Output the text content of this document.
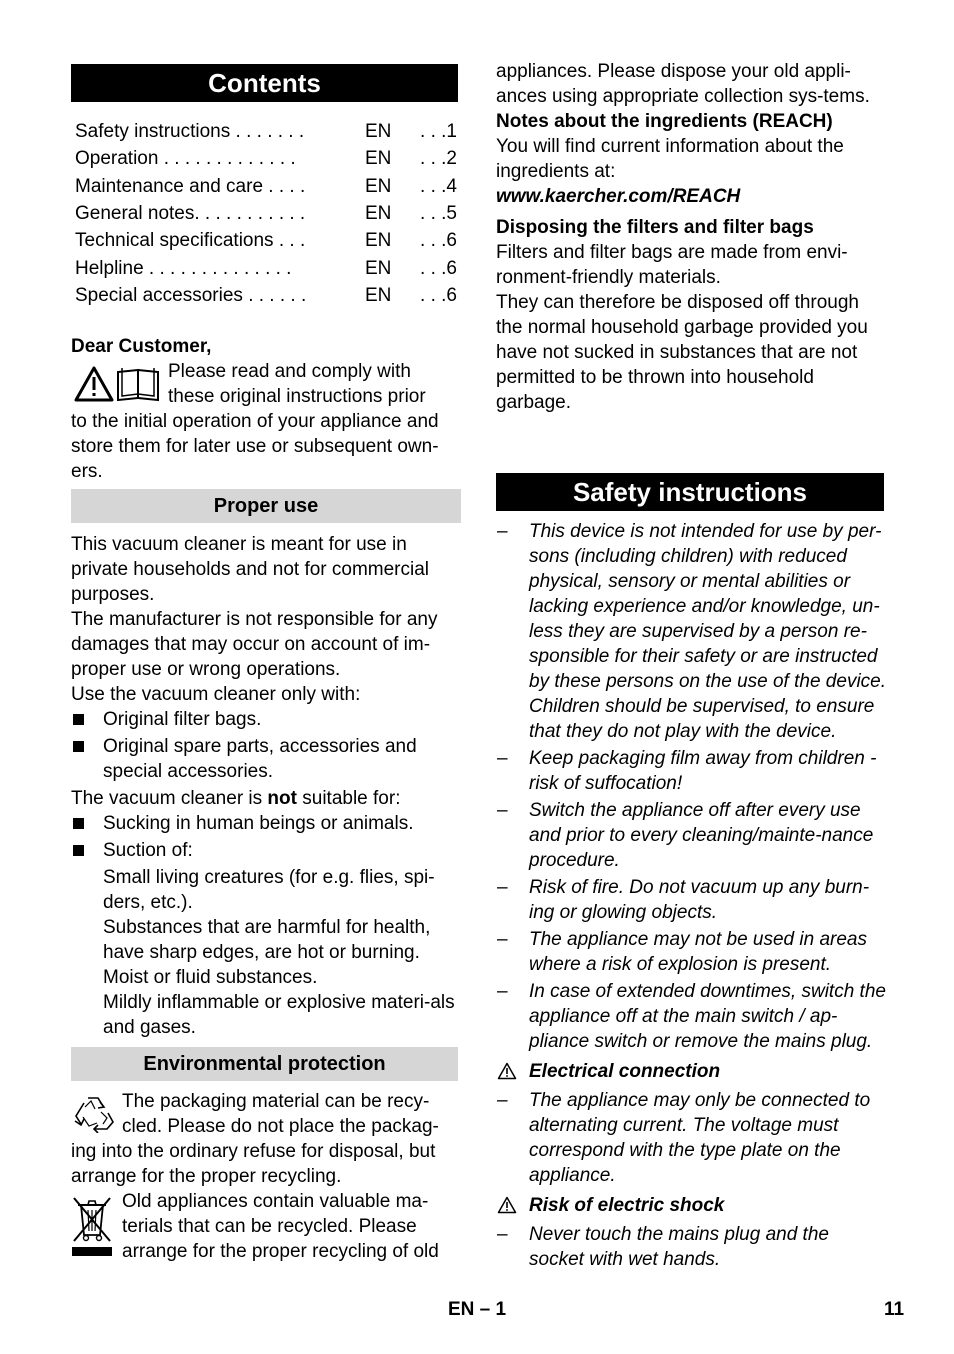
Contents
Safety instructions . . . . . . .	EN	. . .1
Operation . . . . . . . . . . . . .	EN	. . .2
Maintenance and care . . . .	EN	. . .4
General notes. . . . . . . . . . .	EN	. . .5
Technical specifications . . .	EN	. . .6
Helpline . . . . . . . . . . . . . .	EN	. . .6
Special accessories . . . . . .	EN	. . .6
Dear Customer,
Please read and comply with
these original instructions prior
to the initial operation of your appliance and store them for later use or subsequent own-ers.
Proper use

This vacuum cleaner is meant for use in private households and not for commercial purposes.

The manufacturer is not responsible for any damages that may occur on account of im-proper use or wrong operations.

Use the vacuum cleaner only with:

Original filter bags.
Original spare parts, accessories and special accessories.

The vacuum cleaner is not suitable for:

Sucking in human beings or animals.
Suction of:
Small living creatures (for e.g. flies, spi-ders, etc.).
Substances that are harmful for health, have sharp edges, are hot or burning.
Moist or fluid substances.
Mildly inflammable or explosive materi-als and gases.
Environmental protection
The packaging material can be recy-
cled. Please do not place the packag-
ing into the ordinary refuse for disposal, but arrange for the proper recycling.
Old appliances contain valuable ma-
terials that can be recycled. Please
arrange for the proper recycling of old

appliances. Please dispose your old appli-ances using appropriate collection sys-tems.

Notes about the ingredients (REACH)

You will find current information about the ingredients at:

www.kaercher.com/REACH

Disposing the filters and filter bags

Filters and filter bags are made from envi-ronment-friendly materials.

They can therefore be disposed off through the normal household garbage provided you have not sucked in substances that are not permitted to be thrown into household garbage.

Safety instructions
– This device is not intended for use by per-sons (including children) with reduced physical, sensory or mental abilities or lacking experience and/or knowledge, un-less they are supervised by a person re-sponsible for their safety or are instructed by these persons on the use of the device. Children should be supervised, to ensure that they do not play with the device.
– Keep packaging film away from children - risk of suffocation!
– Switch the appliance off after every use and prior to every cleaning/mainte-nance procedure.
– Risk of fire. Do not vacuum up any burn-ing or glowing objects.
– The appliance may not be used in areas where a risk of explosion is present.
– In case of extended downtimes, switch the appliance off at the main switch / ap-pliance switch or remove the mains plug.
Electrical connection
– The appliance may only be connected to alternating current. The voltage must correspond with the type plate on the appliance.
Risk of electric shock
– Never touch the mains plug and the socket with wet hands.
EN – 1	11
